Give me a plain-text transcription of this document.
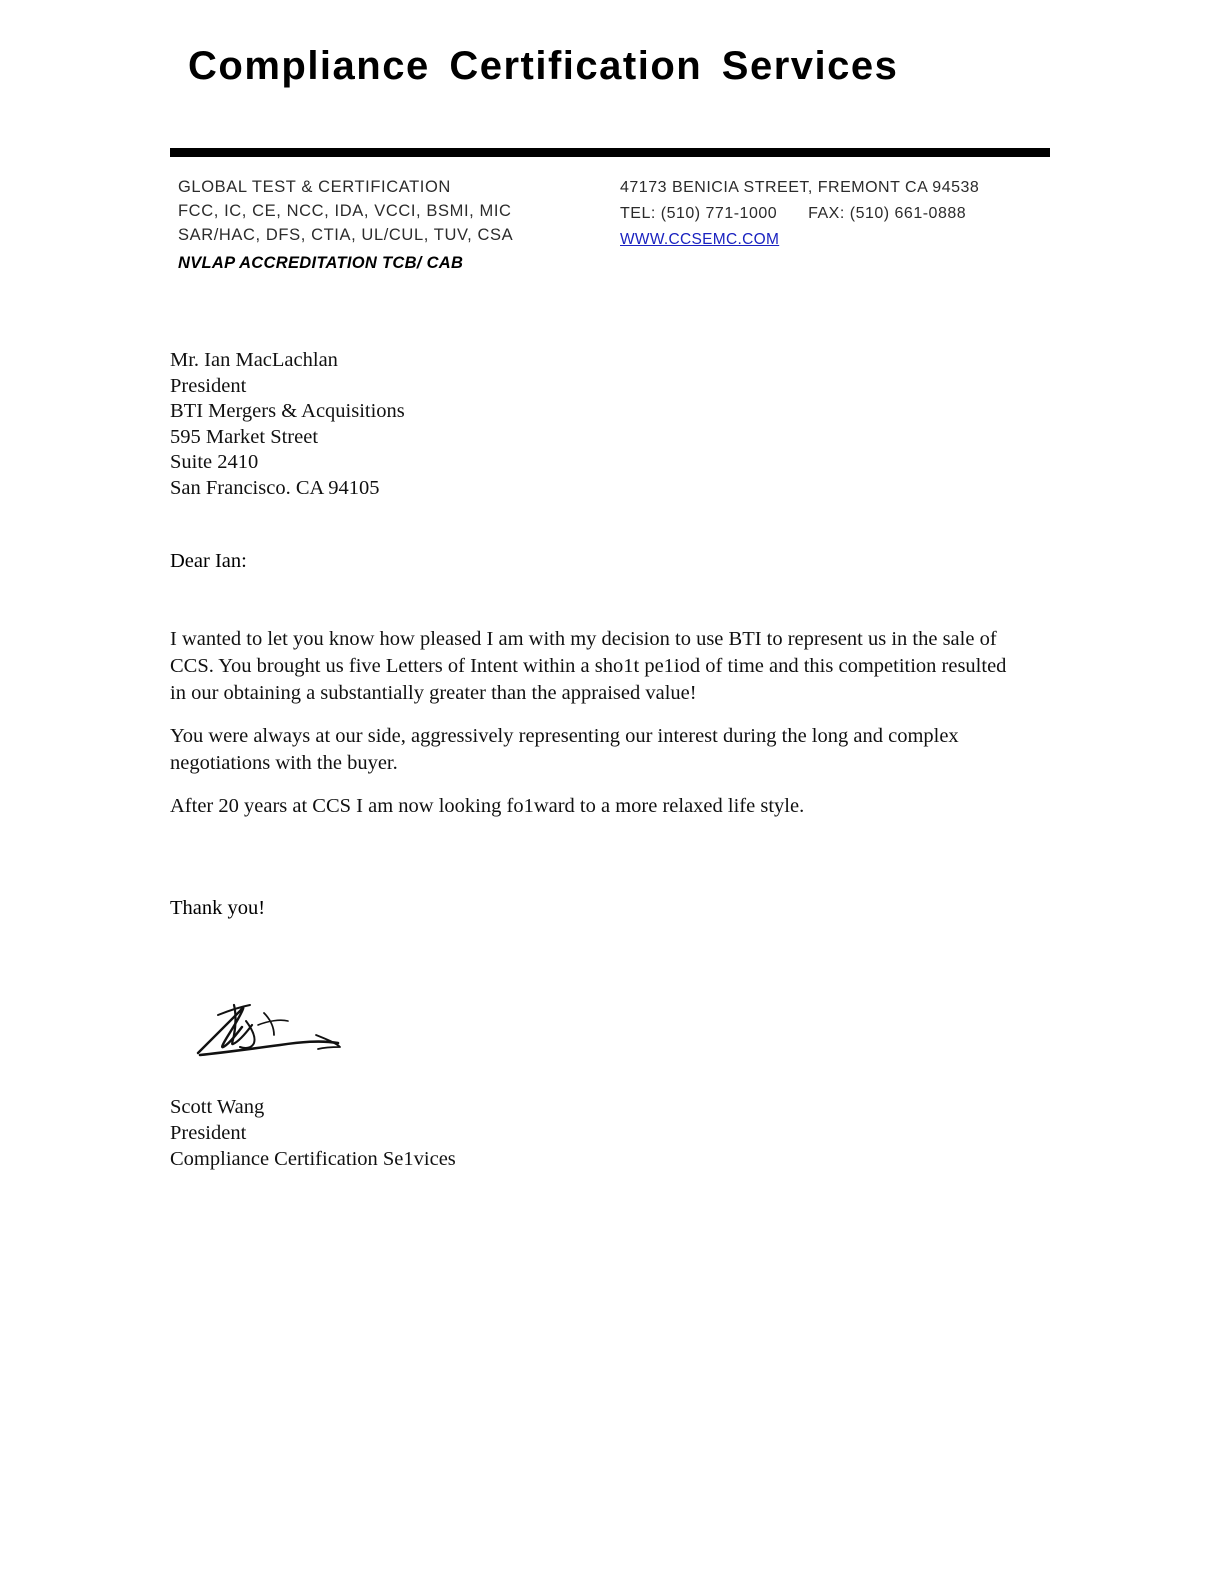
Compliance Certification Services
GLOBAL TEST & CERTIFICATION
FCC, IC, CE, NCC, IDA, VCCI, BSMI, MIC
SAR/HAC, DFS, CTIA, UL/CUL, TUV, CSA
NVLAP ACCREDITATION TCB/ CAB
47173 BENICIA STREET, FREMONT CA 94538
TEL: (510) 771-1000 FAX: (510) 661-0888
WWW.CCSEMC.COM
Mr. Ian MacLachlan
President
BTI Mergers & Acquisitions
595 Market Street
Suite 2410
San Francisco. CA 94105
Dear Ian:

I wanted to let you know how pleased I am with my decision to use BTI to represent us in the sale of CCS. You brought us five Letters of Intent within a sho1t pe1iod of time and this competition resulted in our obtaining a substantially greater than the appraised value!

You were always at our side, aggressively representing our interest during the long and complex negotiations with the buyer.

After 20 years at CCS I am now looking fo1ward to a more relaxed life style.

Thank you!
Scott Wang
President
Compliance Certification Se1vices
